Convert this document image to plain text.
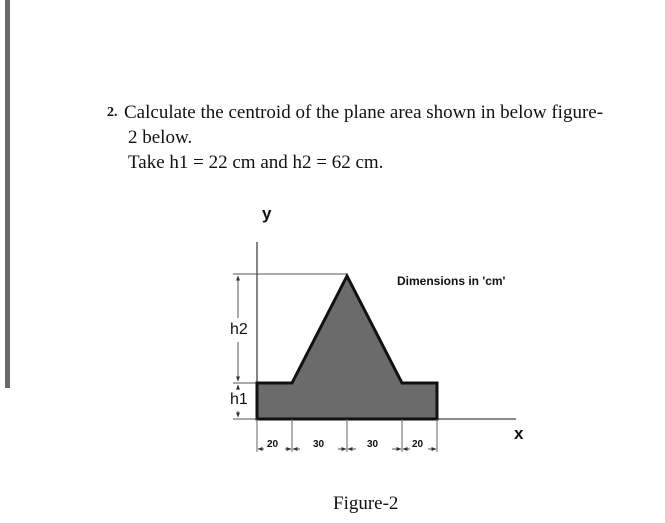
2. Calculate the centroid of the plane area shown in below figure-
2 below.
Take h1 = 22 cm and h2 = 62 cm.
y
x
Dimensions in 'cm'
h2
h1
20	30	30	20
Figure-2
